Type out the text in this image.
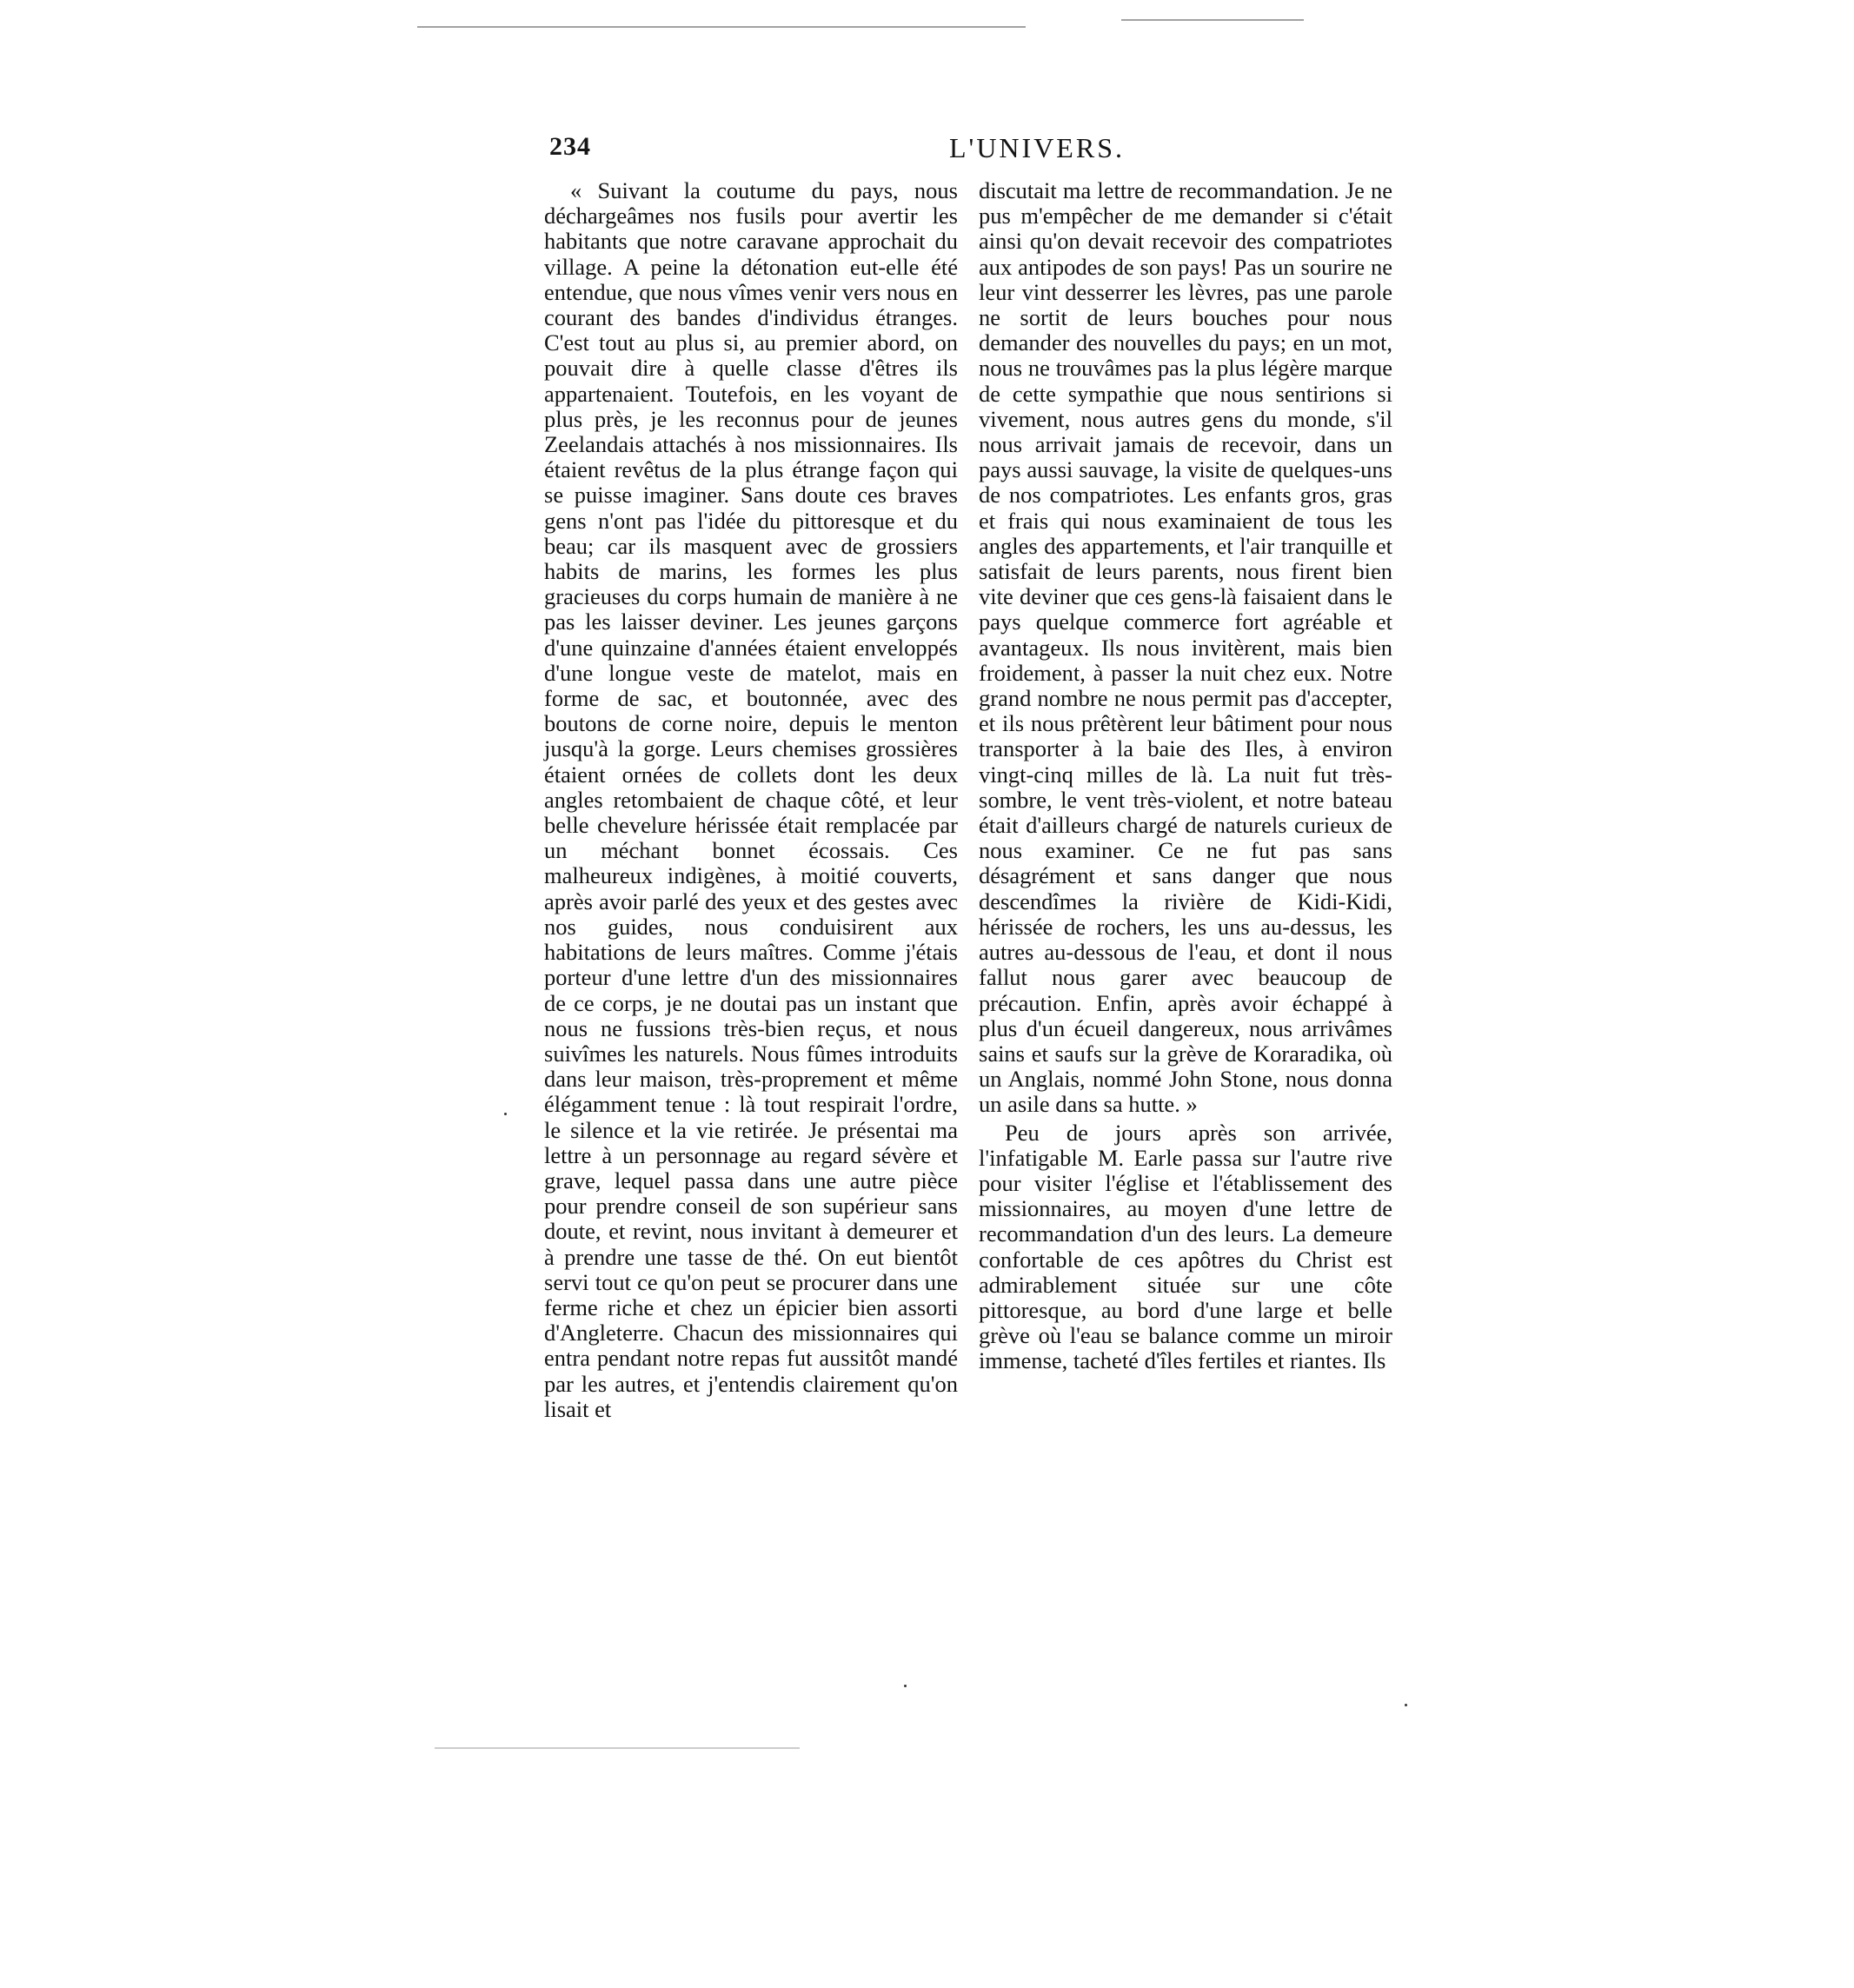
234	L'UNIVERS.

« Suivant la coutume du pays, nous déchargeâmes nos fusils pour avertir les habitants que notre caravane approchait du village. A peine la détonation eut-elle été entendue, que nous vîmes venir vers nous en courant des bandes d'individus étranges. C'est tout au plus si, au premier abord, on pouvait dire à quelle classe d'êtres ils appartenaient. Toutefois, en les voyant de plus près, je les reconnus pour de jeunes Zeelandais attachés à nos missionnaires. Ils étaient revêtus de la plus étrange façon qui se puisse imaginer. Sans doute ces braves gens n'ont pas l'idée du pittoresque et du beau; car ils masquent avec de grossiers habits de marins, les formes les plus gracieuses du corps humain de manière à ne pas les laisser deviner. Les jeunes garçons d'une quinzaine d'années étaient enveloppés d'une longue veste de matelot, mais en forme de sac, et boutonnée, avec des boutons de corne noire, depuis le menton jusqu'à la gorge. Leurs chemises grossières étaient ornées de collets dont les deux angles retombaient de chaque côté, et leur belle chevelure hérissée était remplacée par un méchant bonnet écossais. Ces malheureux indigènes, à moitié couverts, après avoir parlé des yeux et des gestes avec nos guides, nous conduisirent aux habitations de leurs maîtres. Comme j'étais porteur d'une lettre d'un des missionnaires de ce corps, je ne doutai pas un instant que nous ne fussions très-bien reçus, et nous suivîmes les naturels. Nous fûmes introduits dans leur maison, très-proprement et même élégamment tenue : là tout respirait l'ordre, le silence et la vie retirée. Je présentai ma lettre à un personnage au regard sévère et grave, lequel passa dans une autre pièce pour prendre conseil de son supérieur sans doute, et revint, nous invitant à demeurer et à prendre une tasse de thé. On eut bientôt servi tout ce qu'on peut se procurer dans une ferme riche et chez un épicier bien assorti d'Angleterre. Chacun des missionnaires qui entra pendant notre repas fut aussitôt mandé par les autres, et j'entendis clairement qu'on lisait et

discutait ma lettre de recommandation. Je ne pus m'empêcher de me demander si c'était ainsi qu'on devait recevoir des compatriotes aux antipodes de son pays! Pas un sourire ne leur vint desserrer les lèvres, pas une parole ne sortit de leurs bouches pour nous demander des nouvelles du pays; en un mot, nous ne trouvâmes pas la plus légère marque de cette sympathie que nous sentirions si vivement, nous autres gens du monde, s'il nous arrivait jamais de recevoir, dans un pays aussi sauvage, la visite de quelques-uns de nos compatriotes. Les enfants gros, gras et frais qui nous examinaient de tous les angles des appartements, et l'air tranquille et satisfait de leurs parents, nous firent bien vite deviner que ces gens-là faisaient dans le pays quelque commerce fort agréable et avantageux. Ils nous invitèrent, mais bien froidement, à passer la nuit chez eux. Notre grand nombre ne nous permit pas d'accepter, et ils nous prêtèrent leur bâtiment pour nous transporter à la baie des Iles, à environ vingt-cinq milles de là. La nuit fut très-sombre, le vent très-violent, et notre bateau était d'ailleurs chargé de naturels curieux de nous examiner. Ce ne fut pas sans désagrément et sans danger que nous descendîmes la rivière de Kidi-Kidi, hérissée de rochers, les uns au-dessus, les autres au-dessous de l'eau, et dont il nous fallut nous garer avec beaucoup de précaution. Enfin, après avoir échappé à plus d'un écueil dangereux, nous arrivâmes sains et saufs sur la grève de Koraradika, où un Anglais, nommé John Stone, nous donna un asile dans sa hutte. »

Peu de jours après son arrivée, l'infatigable M. Earle passa sur l'autre rive pour visiter l'église et l'établissement des missionnaires, au moyen d'une lettre de recommandation d'un des leurs. La demeure confortable de ces apôtres du Christ est admirablement située sur une côte pittoresque, au bord d'une large et belle grève où l'eau se balance comme un miroir immense, tacheté d'îles fertiles et riantes. Ils
